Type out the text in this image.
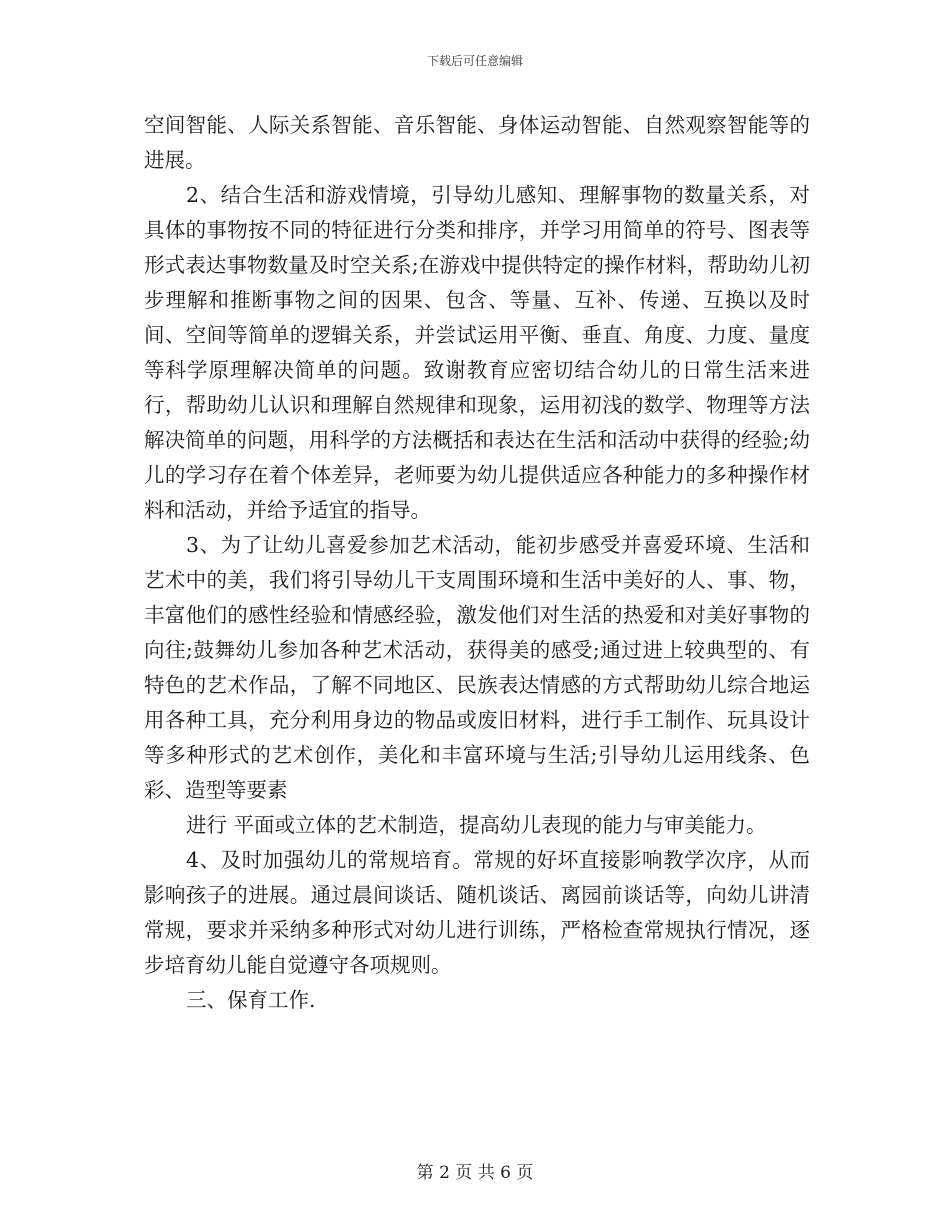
下载后可任意编辑

空间智能、人际关系智能、音乐智能、身体运动智能、自然观察智能等的进展。

2、结合生活和游戏情境，引导幼儿感知、理解事物的数量关系，对具体的事物按不同的特征进行分类和排序，并学习用简单的符号、图表等形式表达事物数量及时空关系;在游戏中提供特定的操作材料，帮助幼儿初步理解和推断事物之间的因果、包含、等量、互补、传递、互换以及时间、空间等简单的逻辑关系，并尝试运用平衡、垂直、角度、力度、量度等科学原理解决简单的问题。致谢教育应密切结合幼儿的日常生活来进行，帮助幼儿认识和理解自然规律和现象，运用初浅的数学、物理等方法解决简单的问题，用科学的方法概括和表达在生活和活动中获得的经验;幼儿的学习存在着个体差异，老师要为幼儿提供适应各种能力的多种操作材料和活动，并给予适宜的指导。

3、为了让幼儿喜爱参加艺术活动，能初步感受并喜爱环境、生活和艺术中的美，我们将引导幼儿干支周围环境和生活中美好的人、事、物，丰富他们的感性经验和情感经验，激发他们对生活的热爱和对美好事物的向往;鼓舞幼儿参加各种艺术活动，获得美的感受;通过进上较典型的、有特色的艺术作品，了解不同地区、民族表达情感的方式帮助幼儿综合地运用各种工具，充分利用身边的物品或废旧材料，进行手工制作、玩具设计等多种形式的艺术创作，美化和丰富环境与生活;引导幼儿运用线条、色彩、造型等要素

进行 平面或立体的艺术制造，提高幼儿表现的能力与审美能力。

4、及时加强幼儿的常规培育。常规的好坏直接影响教学次序，从而影响孩子的进展。通过晨间谈话、随机谈话、离园前谈话等，向幼儿讲清常规，要求并采纳多种形式对幼儿进行训练，严格检查常规执行情况，逐步培育幼儿能自觉遵守各项规则。

三、保育工作.

第 2 页 共 6 页
